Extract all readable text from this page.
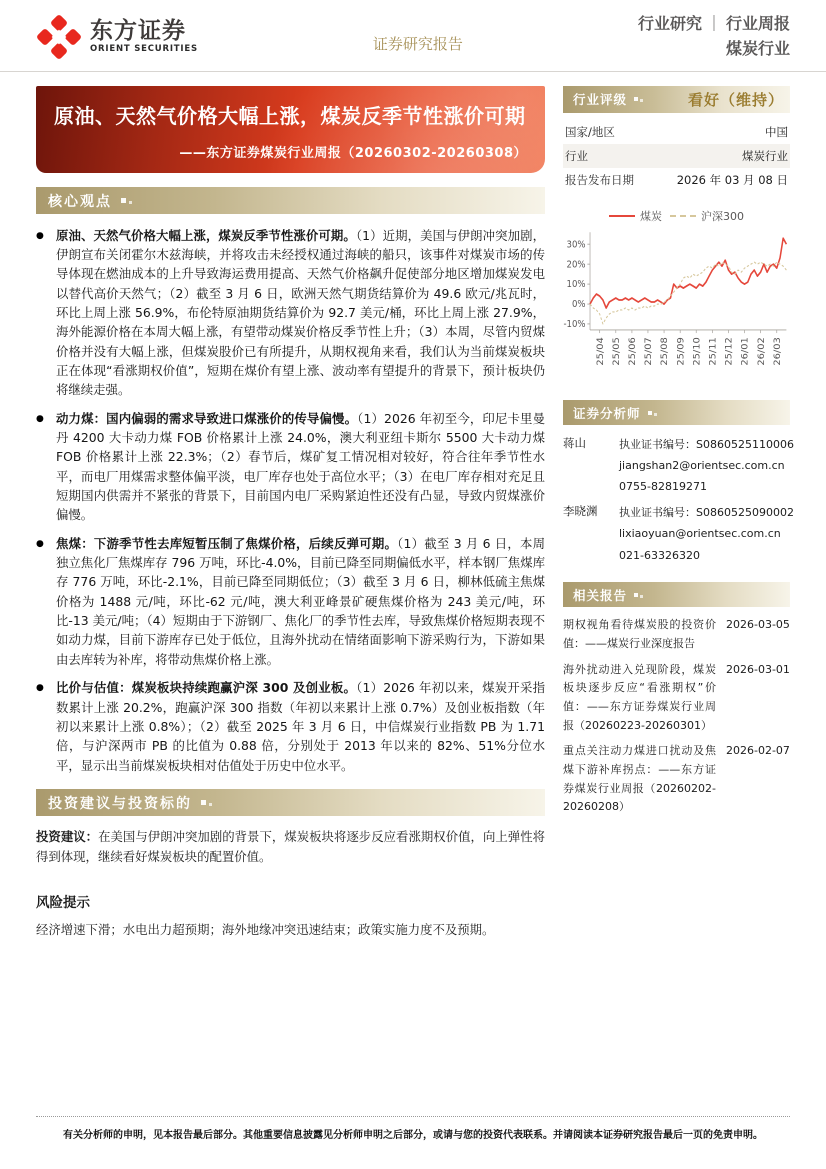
东方证券
ORIENT SECURITIES	证券研究报告
行业研究 ｜ 行业周报
煤炭行业
原油、天然气价格大幅上涨，煤炭反季节性涨价可期
——东方证券煤炭行业周报（20260302-20260308）
核心观点
● 原油、天然气价格大幅上涨，煤炭反季节性涨价可期。（1）近期，美国与伊朗冲突加剧，伊朗宣布关闭霍尔木兹海峡，并将攻击未经授权通过海峡的船只，该事件对煤炭市场的传导体现在燃油成本的上升导致海运费用提高、天然气价格飙升促使部分地区增加煤炭发电以替代高价天然气；（2）截至 3 月 6 日，欧洲天然气期货结算价为 49.6 欧元/兆瓦时，环比上周上涨 56.9%，布伦特原油期货结算价为 92.7 美元/桶，环比上周上涨 27.9%，海外能源价格在本周大幅上涨，有望带动煤炭价格反季节性上升；（3）本周，尽管内贸煤价格并没有大幅上涨，但煤炭股价已有所提升，从期权视角来看，我们认为当前煤炭板块正在体现“看涨期权价值”，短期在煤价有望上涨、波动率有望提升的背景下，预计板块仍将继续走强。
● 动力煤：国内偏弱的需求导致进口煤涨价的传导偏慢。（1）2026 年初至今，印尼卡里曼丹 4200 大卡动力煤 FOB 价格累计上涨 24.0%，澳大利亚纽卡斯尔 5500 大卡动力煤 FOB 价格累计上涨 22.3%；（2）春节后，煤矿复工情况相对较好，符合往年季节性水平，而电厂用煤需求整体偏平淡，电厂库存也处于高位水平；（3）在电厂库存相对充足且短期国内供需并不紧张的背景下，目前国内电厂采购紧迫性还没有凸显，导致内贸煤涨价偏慢。
● 焦煤：下游季节性去库短暂压制了焦煤价格，后续反弹可期。（1）截至 3 月 6 日，本周独立焦化厂焦煤库存 796 万吨，环比-4.0%，目前已降至同期偏低水平，样本钢厂焦煤库存 776 万吨，环比-2.1%，目前已降至同期低位；（3）截至 3 月 6 日，柳林低硫主焦煤价格为 1488 元/吨，环比-62 元/吨，澳大利亚峰景矿硬焦煤价格为 243 美元/吨，环比-13 美元/吨；（4）短期由于下游钢厂、焦化厂的季节性去库，导致焦煤价格短期表现不如动力煤，目前下游库存已处于低位，且海外扰动在情绪面影响下游采购行为，下游如果由去库转为补库，将带动焦煤价格上涨。
● 比价与估值：煤炭板块持续跑赢沪深 300 及创业板。（1）2026 年初以来，煤炭开采指数累计上涨 20.2%，跑赢沪深 300 指数（年初以来累计上涨 0.7%）及创业板指数（年初以来累计上涨 0.8%）；（2）截至 2025 年 3 月 6 日，中信煤炭行业指数 PB 为 1.71 倍，与沪深两市 PB 的比值为 0.88 倍，分别处于 2013 年以来的 82%、51%分位水平，显示出当前煤炭板块相对估值处于历史中位水平。
投资建议与投资标的
投资建议：在美国与伊朗冲突加剧的背景下，煤炭板块将逐步反应看涨期权价值，向上弹性将得到体现，继续看好煤炭板块的配置价值。
风险提示
经济增速下滑；水电出力超预期；海外地缘冲突迅速结束；政策实施力度不及预期。
行业评级	看好（维持）
国家/地区	中国
行业	煤炭行业
报告发布日期	2026 年 03 月 08 日
煤炭	沪深300
30%
20%
10%
0%
-10%
25/04 25/05 25/06 25/07 25/08 25/09 25/10 25/11 25/12 26/01 26/02 26/03
证券分析师
蒋山	执业证书编号：S0860525110006
jiangshan2@orientsec.com.cn
0755-82819271
李晓渊	执业证书编号：S0860525090002
lixiaoyuan@orientsec.com.cn
021-63326320
相关报告
期权视角看待煤炭股的投资价值：——煤炭行业深度报告
2026-03-05
海外扰动进入兑现阶段，煤炭板块逐步反应“看涨期权”价值：——东方证券煤炭行业周报（20260223-20260301）
2026-03-01
重点关注动力煤进口扰动及焦煤下游补库拐点：——东方证券煤炭行业周报（20260202-20260208）
2026-02-07
有关分析师的申明，见本报告最后部分。其他重要信息披露见分析师申明之后部分，或请与您的投资代表联系。并请阅读本证券研究报告最后一页的免责申明。
